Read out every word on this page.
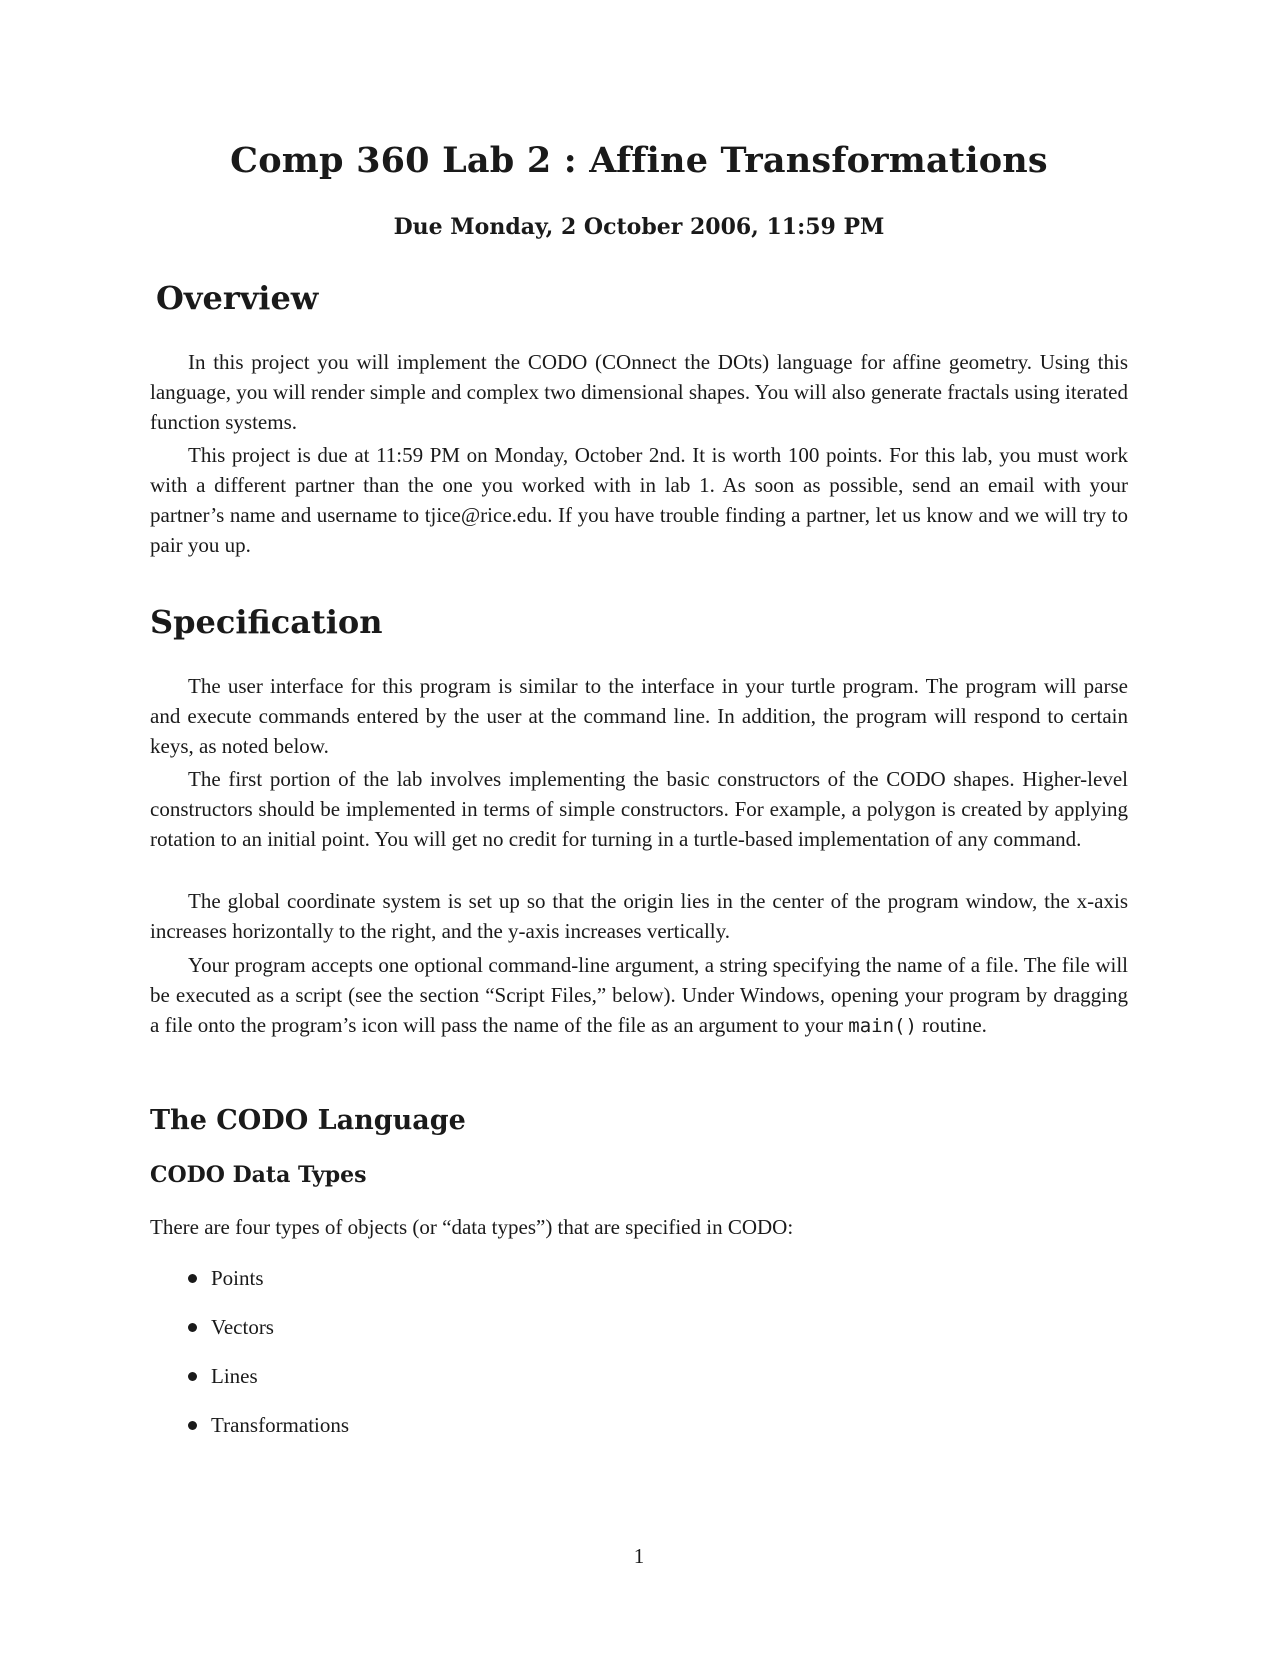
Comp 360 Lab 2 : Affine Transformations
Due Monday, 2 October 2006, 11:59 PM
Overview

In this project you will implement the CODO (COnnect the DOts) language for affine geometry. Using this language, you will render simple and complex two dimensional shapes. You will also generate fractals using iterated function systems.

This project is due at 11:59 PM on Monday, October 2nd. It is worth 100 points. For this lab, you must work with a different partner than the one you worked with in lab 1. As soon as possible, send an email with your partner’s name and username to tjice@rice.edu. If you have trouble finding a partner, let us know and we will try to pair you up.

Specification

The user interface for this program is similar to the interface in your turtle program. The program will parse and execute commands entered by the user at the command line. In addition, the program will respond to certain keys, as noted below.

The first portion of the lab involves implementing the basic constructors of the CODO shapes. Higher-level constructors should be implemented in terms of simple constructors. For example, a polygon is created by applying rotation to an initial point. You will get no credit for turning in a turtle-based implementation of any command.

The global coordinate system is set up so that the origin lies in the center of the program window, the x-axis increases horizontally to the right, and the y-axis increases vertically.

Your program accepts one optional command-line argument, a string specifying the name of a file. The file will be executed as a script (see the section “Script Files,” below). Under Windows, opening your program by dragging a file onto the program’s icon will pass the name of the file as an argument to your main() routine.

The CODO Language
CODO Data Types

There are four types of objects (or “data types”) that are specified in CODO:

Points
Vectors
Lines
Transformations
1
